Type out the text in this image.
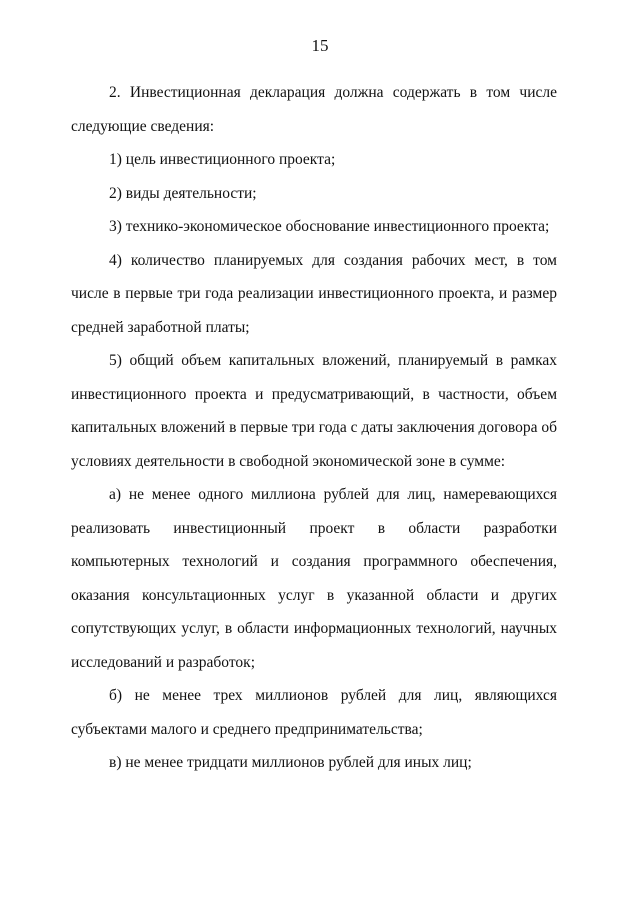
15

2. Инвестиционная декларация должна содержать в том числе следующие сведения:

1) цель инвестиционного проекта;

2) виды деятельности;

3) технико-экономическое обоснование инвестиционного проекта;

4) количество планируемых для создания рабочих мест, в том числе в первые три года реализации инвестиционного проекта, и размер средней заработной платы;

5) общий объем капитальных вложений, планируемый в рамках инвестиционного проекта и предусматривающий, в частности, объем капитальных вложений в первые три года с даты заключения договора об условиях деятельности в свободной экономической зоне в сумме:

а) не менее одного миллиона рублей для лиц, намеревающихся реализовать инвестиционный проект в области разработки компьютерных технологий и создания программного обеспечения, оказания консультационных услуг в указанной области и других сопутствующих услуг, в области информационных технологий, научных исследований и разработок;

б) не менее трех миллионов рублей для лиц, являющихся субъектами малого и среднего предпринимательства;

в) не менее тридцати миллионов рублей для иных лиц;
